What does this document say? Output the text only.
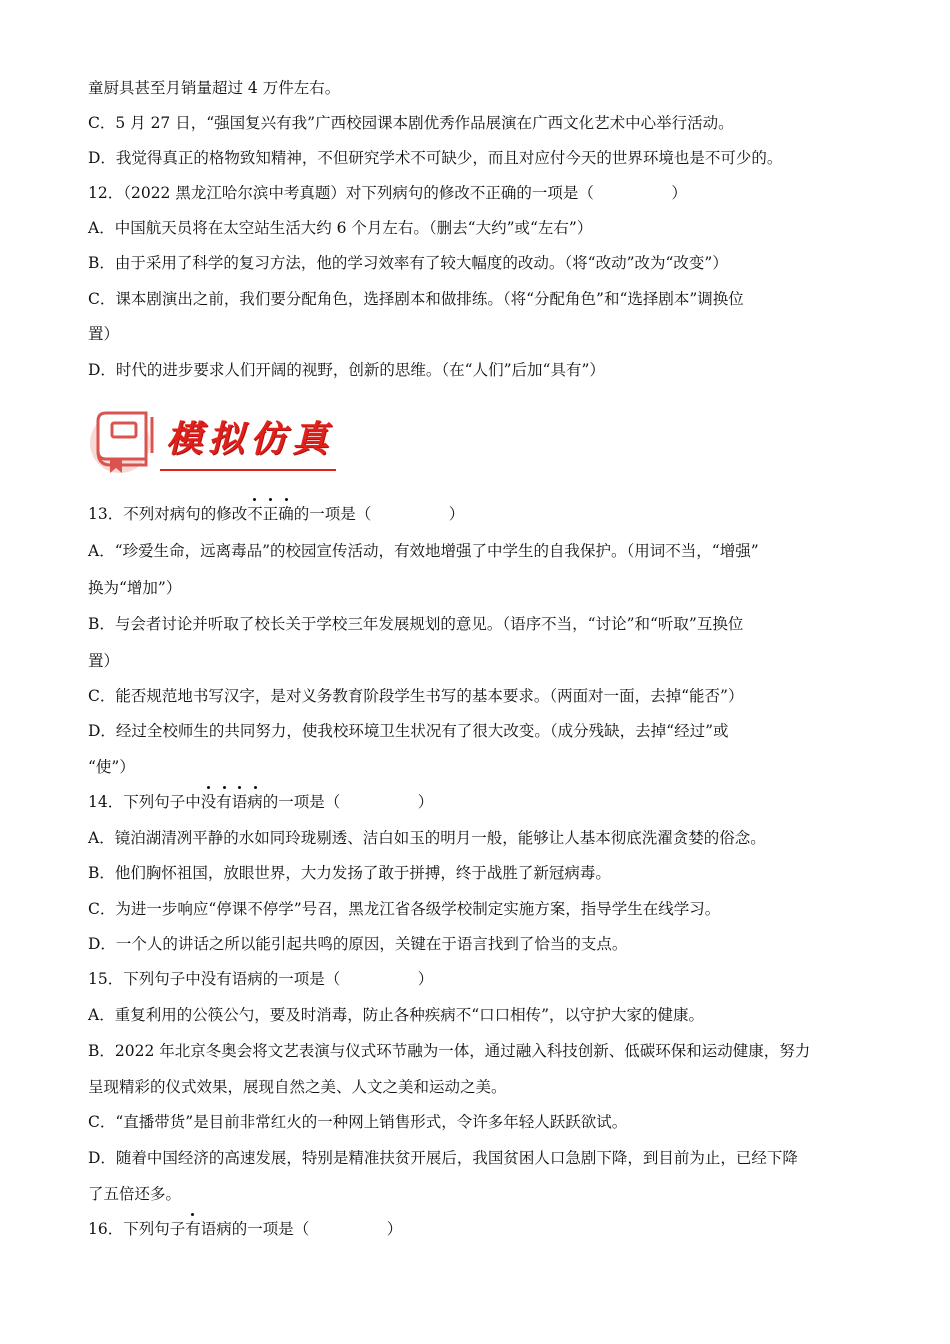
童厨具甚至月销量超过 4 万件左右。
C．5 月 27 日，“强国复兴有我”广西校园课本剧优秀作品展演在广西文化艺术中心举行活动。
D．我觉得真正的格物致知精神，不但研究学术不可缺少，而且对应付今天的世界环境也是不可少的。
12．（2022 黑龙江哈尔滨中考真题）对下列病句的修改不正确的一项是（　　　　　）
A．中国航天员将在太空站生活大约 6 个月左右。（删去“大约”或“左右”）
B．由于采用了科学的复习方法，他的学习效率有了较大幅度的改动。（将“改动”改为“改变”）
C．课本剧演出之前，我们要分配角色，选择剧本和做排练。（将“分配角色”和“选择剧本”调换位
置）
D．时代的进步要求人们开阔的视野，创新的思维。（在“人们”后加“具有”）
模拟仿真
13．不列对病句的修改不正确的一项是（　　　　　）
A．“珍爱生命，远离毒品”的校园宣传活动，有效地增强了中学生的自我保护。（用词不当，“增强”
换为“增加”）
B．与会者讨论并听取了校长关于学校三年发展规划的意见。（语序不当，“讨论”和“听取”互换位
置）
C．能否规范地书写汉字，是对义务教育阶段学生书写的基本要求。（两面对一面，去掉“能否”）
D．经过全校师生的共同努力，使我校环境卫生状况有了很大改变。（成分残缺，去掉“经过”或
“使”）
14．下列句子中没有语病的一项是（　　　　　）
A．镜泊湖清冽平静的水如同玲珑剔透、洁白如玉的明月一般，能够让人基本彻底洗濯贪婪的俗念。
B．他们胸怀祖国，放眼世界，大力发扬了敢于拼搏，终于战胜了新冠病毒。
C．为进一步响应“停课不停学”号召，黑龙江省各级学校制定实施方案，指导学生在线学习。
D．一个人的讲话之所以能引起共鸣的原因，关键在于语言找到了恰当的支点。
15．下列句子中没有语病的一项是（　　　　　）
A．重复利用的公筷公勺，要及时消毒，防止各种疾病不“口口相传”，以守护大家的健康。
B．2022 年北京冬奥会将文艺表演与仪式环节融为一体，通过融入科技创新、低碳环保和运动健康，努力
呈现精彩的仪式效果，展现自然之美、人文之美和运动之美。
C．“直播带货”是目前非常红火的一种网上销售形式，令许多年轻人跃跃欲试。
D．随着中国经济的高速发展，特别是精准扶贫开展后，我国贫困人口急剧下降，到目前为止，已经下降
了五倍还多。
16．下列句子有语病的一项是（　　　　　）
